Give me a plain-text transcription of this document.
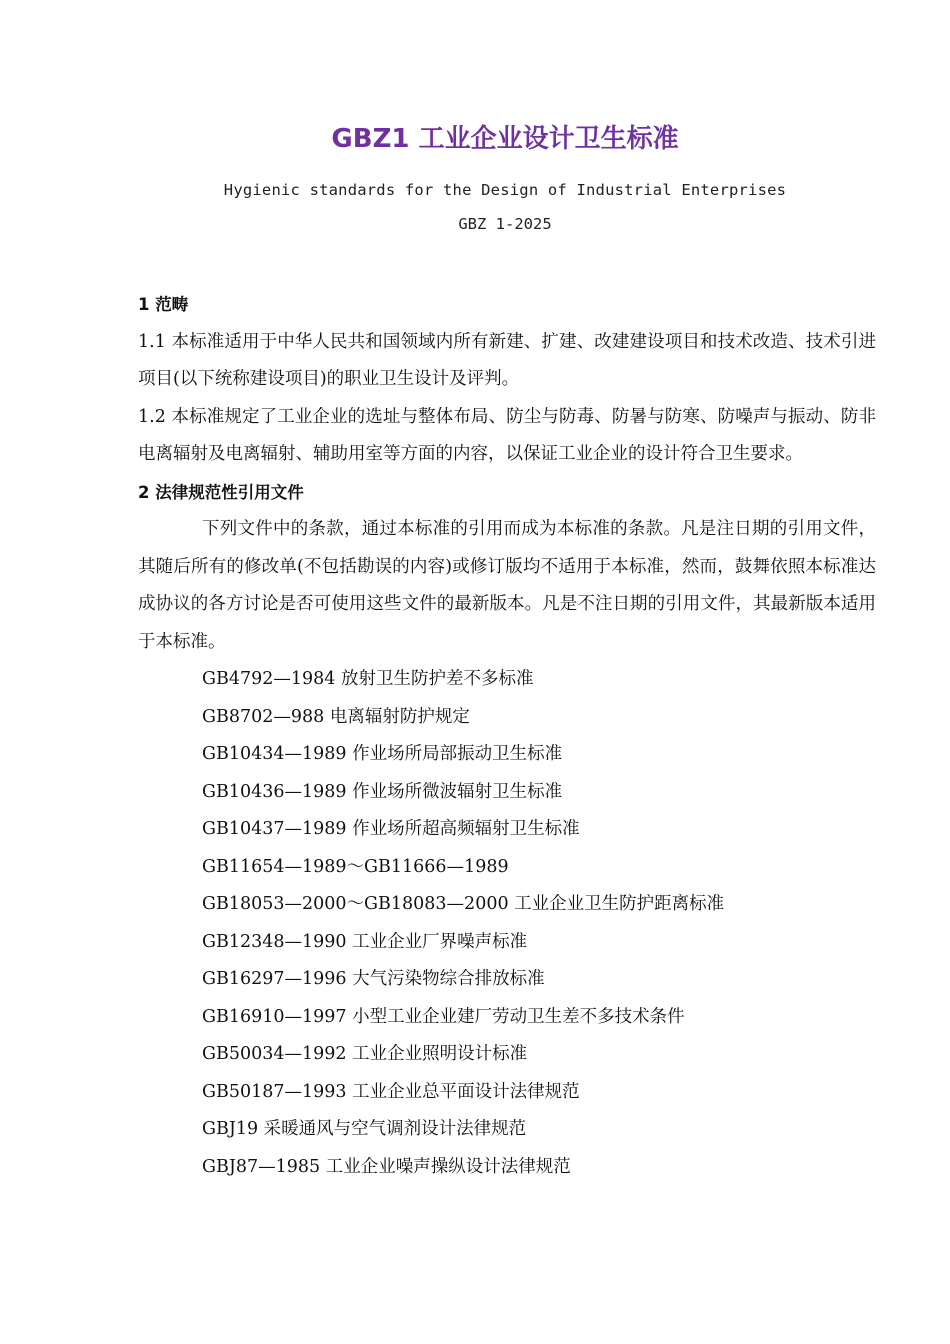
GBZ1 工业企业设计卫生标准
Hygienic standards for the Design of Industrial Enterprises
GBZ 1-2025

1 范畴

1.1 本标准适用于中华人民共和国领域内所有新建、扩建、改建建设项目和技术改造、技术引进项目(以下统称建设项目)的职业卫生设计及评判。

1.2 本标准规定了工业企业的选址与整体布局、防尘与防毒、防暑与防寒、防噪声与振动、防非电离辐射及电离辐射、辅助用室等方面的内容，以保证工业企业的设计符合卫生要求。

2 法律规范性引用文件

下列文件中的条款，通过本标准的引用而成为本标准的条款。凡是注日期的引用文件，其随后所有的修改单(不包括勘误的内容)或修订版均不适用于本标准，然而，鼓舞依照本标准达成协议的各方讨论是否可使用这些文件的最新版本。凡是不注日期的引用文件，其最新版本适用于本标准。

GB4792—1984 放射卫生防护差不多标准
GB8702—988 电离辐射防护规定
GB10434—1989 作业场所局部振动卫生标准
GB10436—1989 作业场所微波辐射卫生标准
GB10437—1989 作业场所超高频辐射卫生标准
GB11654—1989～GB11666—1989
GB18053—2000～GB18083—2000 工业企业卫生防护距离标准
GB12348—1990 工业企业厂界噪声标准
GB16297—1996 大气污染物综合排放标准
GB16910—1997 小型工业企业建厂劳动卫生差不多技术条件
GB50034—1992 工业企业照明设计标准
GB50187—1993 工业企业总平面设计法律规范
GBJ19 采暖通风与空气调剂设计法律规范
GBJ87—1985 工业企业噪声操纵设计法律规范
